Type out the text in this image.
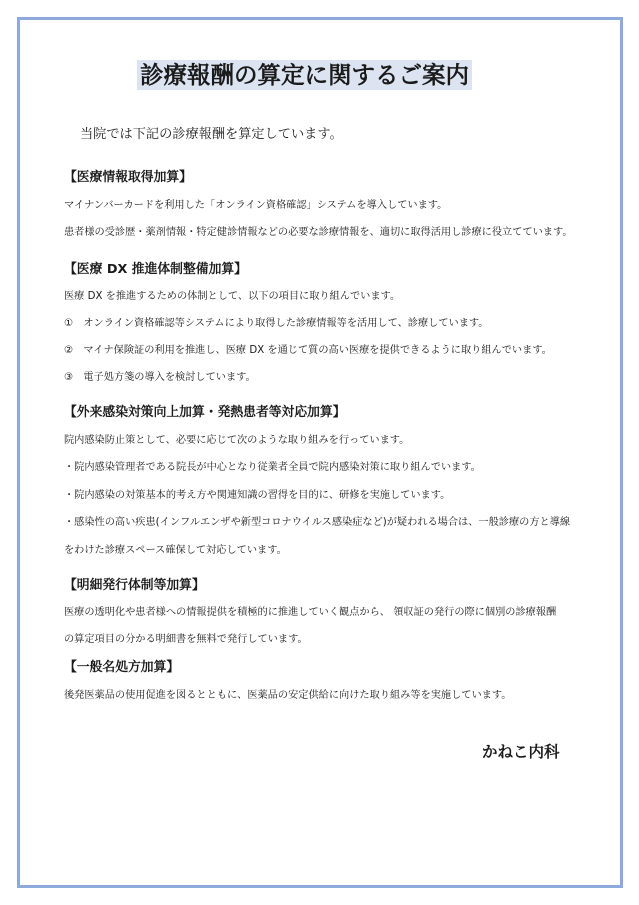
診療報酬の算定に関するご案内

当院では下記の診療報酬を算定しています。

【医療情報取得加算】

マイナンバーカードを利用した「オンライン資格確認」システムを導入しています。

患者様の受診歴・薬剤情報・特定健診情報などの必要な診療情報を、適切に取得活用し診療に役立てています。

【医療 DX 推進体制整備加算】

医療 DX を推進するための体制として、以下の項目に取り組んでいます。

①　オンライン資格確認等システムにより取得した診療情報等を活用して、診療しています。

②　マイナ保険証の利用を推進し、医療 DX を通じて質の高い医療を提供できるように取り組んでいます。

③　電子処方箋の導入を検討しています。

【外来感染対策向上加算・発熱患者等対応加算】

院内感染防止策として、必要に応じて次のような取り組みを行っています。

・院内感染管理者である院長が中心となり従業者全員で院内感染対策に取り組んでいます。

・院内感染の対策基本的考え方や関連知識の習得を目的に、研修を実施しています。

・感染性の高い疾患(インフルエンザや新型コロナウイルス感染症など)が疑われる場合は、一般診療の方と導線

をわけた診療スペース確保して対応しています。

【明細発行体制等加算】

医療の透明化や患者様への情報提供を積極的に推進していく観点から、 領収証の発行の際に個別の診療報酬

の算定項目の分かる明細書を無料で発行しています。

【一般名処方加算】

後発医薬品の使用促進を図るとともに、医薬品の安定供給に向けた取り組み等を実施しています。

かねこ内科
